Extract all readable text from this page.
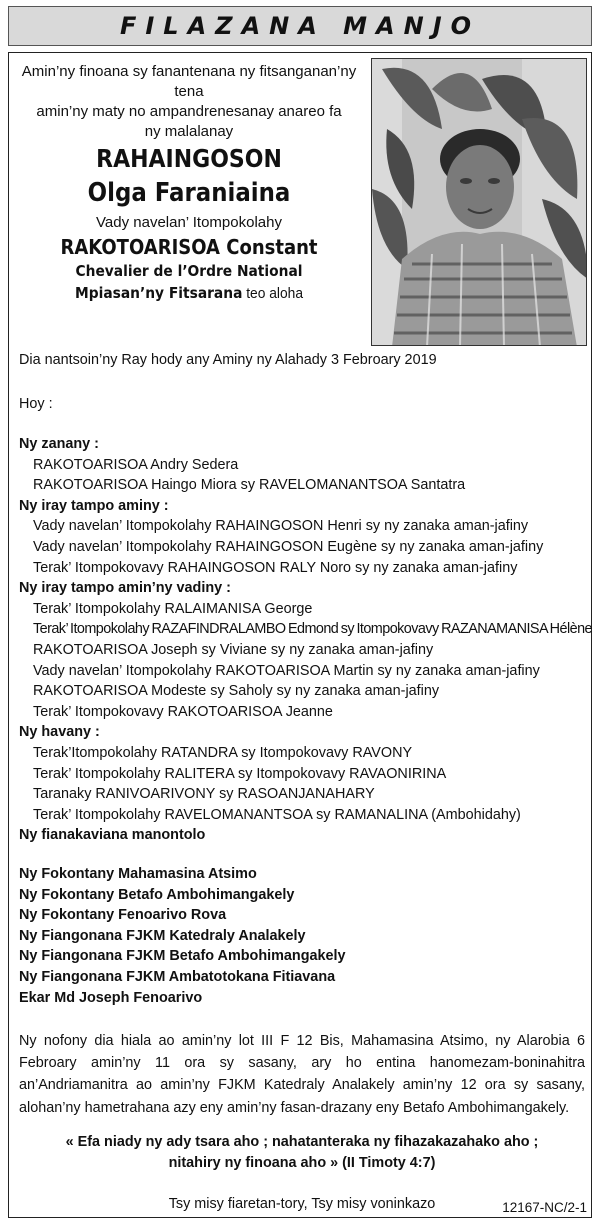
FILAZANA MANJO
Amin’ny finoana sy fanantenana ny fitsanganan’ny tena
amin’ny maty no ampandrenesanay anareo fa
ny malalanay
RAHAINGOSON
Olga Faraniaina
Vady navelan’ Itompokolahy
RAKOTOARISOA Constant
Chevalier de l’Ordre National
Mpiasan’ny Fitsarana teo aloha
Dia nantsoin’ny Ray hody any Aminy ny Alahady 3 Febroary 2019
Hoy :
Ny zanany :
RAKOTOARISOA Andry Sedera
RAKOTOARISOA Haingo Miora sy RAVELOMANANTSOA Santatra
Ny iray tampo aminy :
Vady navelan’ Itompokolahy RAHAINGOSON Henri sy ny zanaka aman-jafiny
Vady navelan’ Itompokolahy RAHAINGOSON Eugène sy ny zanaka aman-jafiny
Terak’ Itompokovavy RAHAINGOSON RALY Noro sy ny zanaka aman-jafiny
Ny iray tampo amin’ny vadiny :
Terak’ Itompokolahy RALAIMANISA George
Terak’ Itompokolahy RAZAFINDRALAMBO Edmond sy Itompokovavy RAZANAMANISA Hélène
RAKOTOARISOA Joseph sy Viviane sy ny zanaka aman-jafiny
Vady navelan’ Itompokolahy RAKOTOARISOA Martin sy ny zanaka aman-jafiny
RAKOTOARISOA Modeste sy Saholy sy ny zanaka aman-jafiny
Terak’ Itompokovavy RAKOTOARISOA Jeanne
Ny havany :
Terak’Itompokolahy RATANDRA sy Itompokovavy RAVONY
Terak’ Itompokolahy RALITERA sy Itompokovavy RAVAONIRINA
Taranaky RANIVOARIVONY sy RASOANJANAHARY
Terak’ Itompokolahy RAVELOMANANTSOA sy RAMANALINA (Ambohidahy)
Ny fianakaviana manontolo
Ny Fokontany Mahamasina Atsimo
Ny Fokontany Betafo Ambohimangakely
Ny Fokontany Fenoarivo Rova
Ny Fiangonana FJKM Katedraly Analakely
Ny Fiangonana FJKM Betafo Ambohimangakely
Ny Fiangonana FJKM Ambatotokana Fitiavana
Ekar Md Joseph Fenoarivo
Ny nofony dia hiala ao amin’ny lot III F 12 Bis, Mahamasina Atsimo, ny Alarobia 6 Febroary amin’ny 11 ora sy sasany, ary ho entina hanomezam-boninahitra an’Andriamanitra ao amin’ny FJKM Katedraly Analakely amin’ny 12 ora sy sasany, alohan’ny hametrahana azy eny amin’ny fasan-drazany eny Betafo Ambohimangakely.
« Efa niady ny ady tsara aho ; nahatanteraka ny fihazakazahako aho ;
nitahiry ny finoana aho » (II Timoty 4:7)
Tsy misy fiaretan-tory, Tsy misy voninkazo	12167-NC/2-1
